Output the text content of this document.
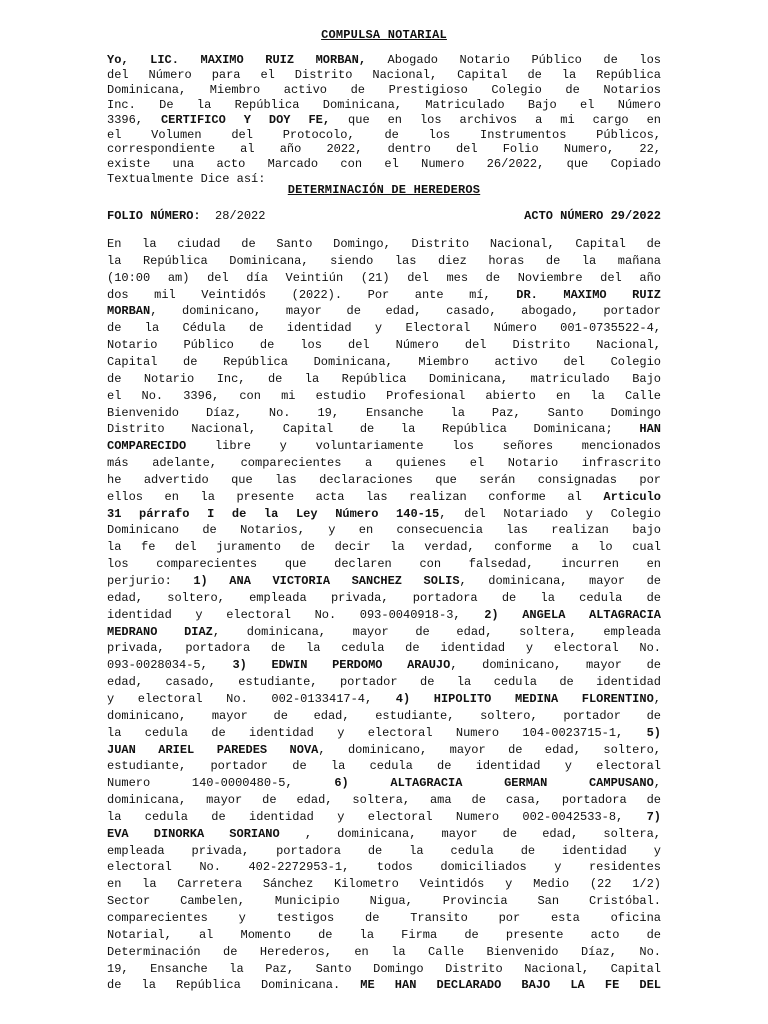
COMPULSA NOTARIAL
Yo, LIC. MAXIMO RUIZ MORBAN, Abogado Notario Público de los
del Número para el Distrito Nacional, Capital de la República
Dominicana, Miembro activo de Prestigioso Colegio de Notarios
Inc. De la República Dominicana, Matriculado Bajo el Número
3396, CERTIFICO Y DOY FE, que en los archivos a mi cargo en
el Volumen del Protocolo, de los Instrumentos Públicos,
correspondiente al año 2022, dentro del Folio Numero, 22,
existe una acto Marcado con el Numero 26/2022, que Copiado
Textualmente Dice así:
DETERMINACIÓN DE HEREDEROS
FOLIO NÚMERO: 28/2022	ACTO NÚMERO 29/2022
En la ciudad de Santo Domingo, Distrito Nacional, Capital de
la República Dominicana, siendo las diez horas de la mañana
(10:00 am) del día Veintiún (21) del mes de Noviembre del año
dos mil Veintidós (2022). Por ante mí, DR. MAXIMO RUIZ
MORBAN, dominicano, mayor de edad, casado, abogado, portador
de la Cédula de identidad y Electoral Número 001-0735522-4,
Notario Público de los del Número del Distrito Nacional,
Capital de República Dominicana, Miembro activo del Colegio
de Notario Inc, de la República Dominicana, matriculado Bajo
el No. 3396, con mi estudio Profesional abierto en la Calle
Bienvenido Díaz, No. 19, Ensanche la Paz, Santo Domingo
Distrito Nacional, Capital de la República Dominicana; HAN
COMPARECIDO libre y voluntariamente los señores mencionados
más adelante, comparecientes a quienes el Notario infrascrito
he advertido que las declaraciones que serán consignadas por
ellos en la presente acta las realizan conforme al Articulo
31 párrafo I de la Ley Número 140-15, del Notariado y Colegio
Dominicano de Notarios, y en consecuencia las realizan bajo
la fe del juramento de decir la verdad, conforme a lo cual
los comparecientes que declaren con falsedad, incurren en
perjurio: 1) ANA VICTORIA SANCHEZ SOLIS, dominicana, mayor de
edad, soltero, empleada privada, portadora de la cedula de
identidad y electoral No. 093-0040918-3, 2) ANGELA ALTAGRACIA
MEDRANO DIAZ, dominicana, mayor de edad, soltera, empleada
privada, portadora de la cedula de identidad y electoral No.
093-0028034-5, 3) EDWIN PERDOMO ARAUJO, dominicano, mayor de
edad, casado, estudiante, portador de la cedula de identidad
y electoral No. 002-0133417-4, 4) HIPOLITO MEDINA FLORENTINO,
dominicano, mayor de edad, estudiante, soltero, portador de
la cedula de identidad y electoral Numero 104-0023715-1, 5)
JUAN ARIEL PAREDES NOVA, dominicano, mayor de edad, soltero,
estudiante, portador de la cedula de identidad y electoral
Numero 140-0000480-5, 6) ALTAGRACIA GERMAN CAMPUSANO,
dominicana, mayor de edad, soltera, ama de casa, portadora de
la cedula de identidad y electoral Numero 002-0042533-8, 7)
EVA DINORKA SORIANO , dominicana, mayor de edad, soltera,
empleada privada, portadora de la cedula de identidad y
electoral No. 402-2272953-1, todos domiciliados y residentes
en la Carretera Sánchez Kilometro Veintidós y Medio (22 1/2)
Sector Cambelen, Municipio Nigua, Provincia San Cristóbal.
comparecientes y testigos de Transito por esta oficina
Notarial, al Momento de la Firma de presente acto de
Determinación de Herederos, en la Calle Bienvenido Díaz, No.
19, Ensanche la Paz, Santo Domingo Distrito Nacional, Capital
de la República Dominicana. ME HAN DECLARADO BAJO LA FE DEL
